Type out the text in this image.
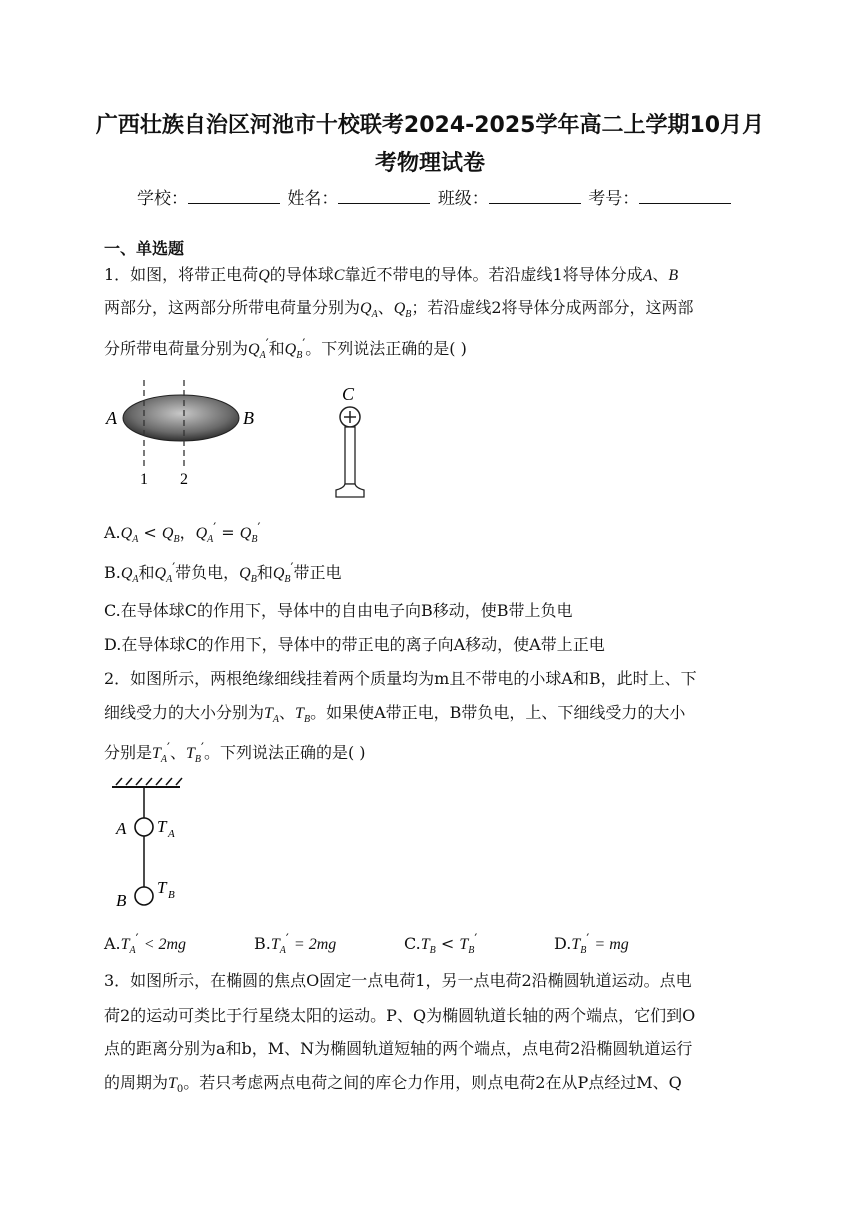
广西壮族自治区河池市十校联考2024-2025学年高二上学期10月月
考物理试卷
学校：	姓名：	班级：	考号：
一、单选题
1．如图，将带正电荷Q的导体球C靠近不带电的导体。若沿虚线1将导体分成A、B
两部分，这两部分所带电荷量分别为$Q_A$、$Q_B$；若沿虚线2将导体分成两部分，这两部
分所带电荷量分别为$Q_A'$和$Q_B'$。下列说法正确的是( )
A	B
1 2
C
$A.Q_A < Q_B$，$Q_A' = Q_B'$
$B.Q_A$和$Q_A'$带负电，$Q_B$和$Q_B'$带正电
C.在导体球C的作用下，导体中的自由电子向B移动，使B带上负电
D.在导体球C的作用下，导体中的带正电的离子向A移动，使A带上正电
2．如图所示，两根绝缘细线挂着两个质量均为m且不带电的小球A和B，此时上、下
细线受力的大小分别为$T_A$、$T_B$。如果使A带正电，B带负电，上、下细线受力的大小
分别是$T_A'$、$T_B'$。下列说法正确的是( )
A
B
T A
T B
$A.T_A' < 2mg$	$B.T_A' = 2mg$	$C.T_B < T_B'$	$D.T_B'$ = mg
3．如图所示，在椭圆的焦点O固定一点电荷1，另一点电荷2沿椭圆轨道运动。点电
荷2的运动可类比于行星绕太阳的运动。P、Q为椭圆轨道长轴的两个端点，它们到O
点的距离分别为a和b，M、N为椭圆轨道短轴的两个端点，点电荷2沿椭圆轨道运行
的周期为$T_0$。若只考虑两点电荷之间的库仑力作用，则点电荷2在从P点经过M、Q
